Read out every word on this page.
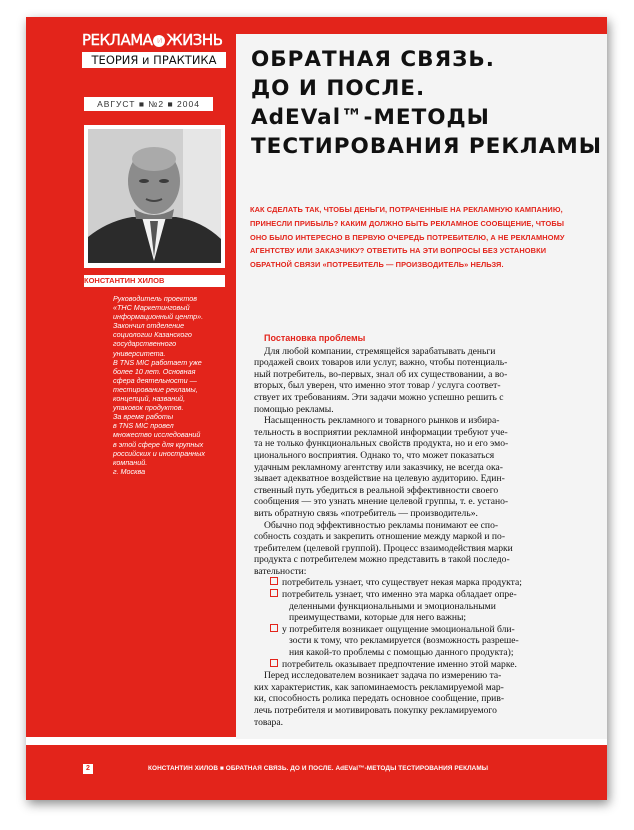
РЕКЛАМА и ЖИЗНЬ
ТЕОРИЯ и ПРАКТИКА
АВГУСТ ■ №2 ■ 2004
КОНСТАНТИН ХИЛОВ
Руководитель проектов
«ТНС Маркетинговый
информационный центр».
Закончил отделение
социологии Казанского
государственного
университета.
В TNS MIC работает уже
более 10 лет. Основная
сфера деятельности —
тестирование рекламы,
концепций, названий,
упаковок продуктов.
За время работы
в TNS MIC провел
множество исследований
в этой сфере для крупных
российских и иностранных
компаний.
г. Москва
ОБРАТНАЯ СВЯЗЬ.
ДО И ПОСЛЕ.
AdEVal™-МЕТОДЫ
ТЕСТИРОВАНИЯ РЕКЛАМЫ
КАК СДЕЛАТЬ ТАК, ЧТОБЫ ДЕНЬГИ, ПОТРАЧЕННЫЕ НА РЕКЛАМНУЮ КАМПАНИЮ,
ПРИНЕСЛИ ПРИБЫЛЬ? КАКИМ ДОЛЖНО БЫТЬ РЕКЛАМНОЕ СООБЩЕНИЕ, ЧТОБЫ
ОНО БЫЛО ИНТЕРЕСНО В ПЕРВУЮ ОЧЕРЕДЬ ПОТРЕБИТЕЛЮ, А НЕ РЕКЛАМНОМУ
АГЕНТСТВУ ИЛИ ЗАКАЗЧИКУ? ОТВЕТИТЬ НА ЭТИ ВОПРОСЫ БЕЗ УСТАНОВКИ
ОБРАТНОЙ СВЯЗИ «ПОТРЕБИТЕЛЬ — ПРОИЗВОДИТЕЛЬ» НЕЛЬЗЯ.
Постановка проблемы
Для любой компании, стремящейся зарабатывать деньги
продажей своих товаров или услуг, важно, чтобы потенциаль-
ный потребитель, во-первых, знал об их существовании, а во-
вторых, был уверен, что именно этот товар / услуга соответ-
ствует их требованиям. Эти задачи можно успешно решить с
помощью рекламы.
Насыщенность рекламного и товарного рынков и избира-
тельность в восприятии рекламной информации требуют уче-
та не только функциональных свойств продукта, но и его эмо-
ционального восприятия. Однако то, что может показаться
удачным рекламному агентству или заказчику, не всегда ока-
зывает адекватное воздействие на целевую аудиторию. Един-
ственный путь убедиться в реальной эффективности своего
сообщения — это узнать мнение целевой группы, т. е. устано-
вить обратную связь «потребитель — производитель».
Обычно под эффективностью рекламы понимают ее спо-
собность создать и закрепить отношение между маркой и по-
требителем (целевой группой). Процесс взаимодействия марки
продукта с потребителем можно представить в такой последо-
вательности:
потребитель узнает, что существует некая марка продукта;
потребитель узнает, что именно эта марка обладает опре-
деленными функциональными и эмоциональными
преимуществами, которые для него важны;
у потребителя возникает ощущение эмоциональной бли-
зости к тому, что рекламируется (возможность разреше-
ния какой-то проблемы с помощью данного продукта);
потребитель оказывает предпочтение именно этой марке.
Перед исследователем возникает задача по измерению та-
ких характеристик, как запоминаемость рекламируемой мар-
ки, способность ролика передать основное сообщение, прив-
лечь потребителя и мотивировать покупку рекламируемого
товара.
2	КОНСТАНТИН ХИЛОВ ■ ОБРАТНАЯ СВЯЗЬ. ДО И ПОСЛЕ. AdEVal™-МЕТОДЫ ТЕСТИРОВАНИЯ РЕКЛАМЫ
